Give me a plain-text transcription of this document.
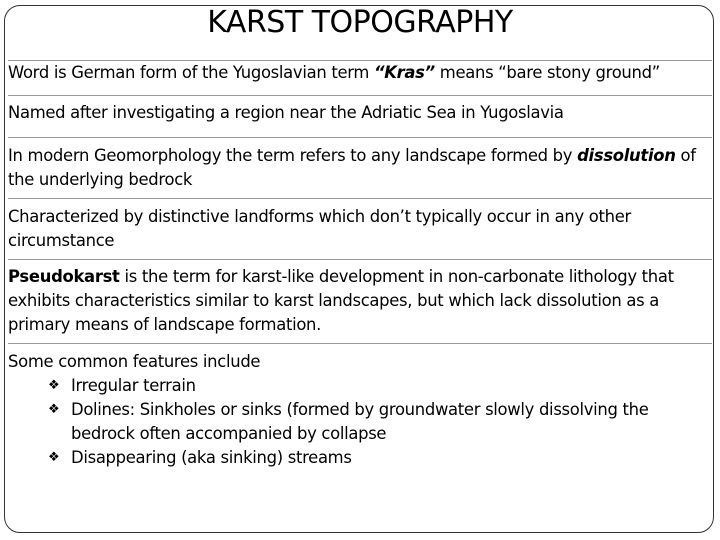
KARST TOPOGRAPHY

Word is German form of the Yugoslavian term “Kras” means “bare stony ground”

Named after investigating a region near the Adriatic Sea in Yugoslavia

In modern Geomorphology the term refers to any landscape formed by dissolution of the underlying bedrock

Characterized by distinctive landforms which don’t typically occur in any other circumstance

Pseudokarst is the term for karst-like development in non-carbonate lithology that exhibits characteristics similar to karst landscapes, but which lack dissolution as a primary means of landscape formation.

Some common features include
❖ Irregular terrain
❖ Dolines: Sinkholes or sinks (formed by groundwater slowly dissolving the bedrock often accompanied by collapse
❖ Disappearing (aka sinking) streams
